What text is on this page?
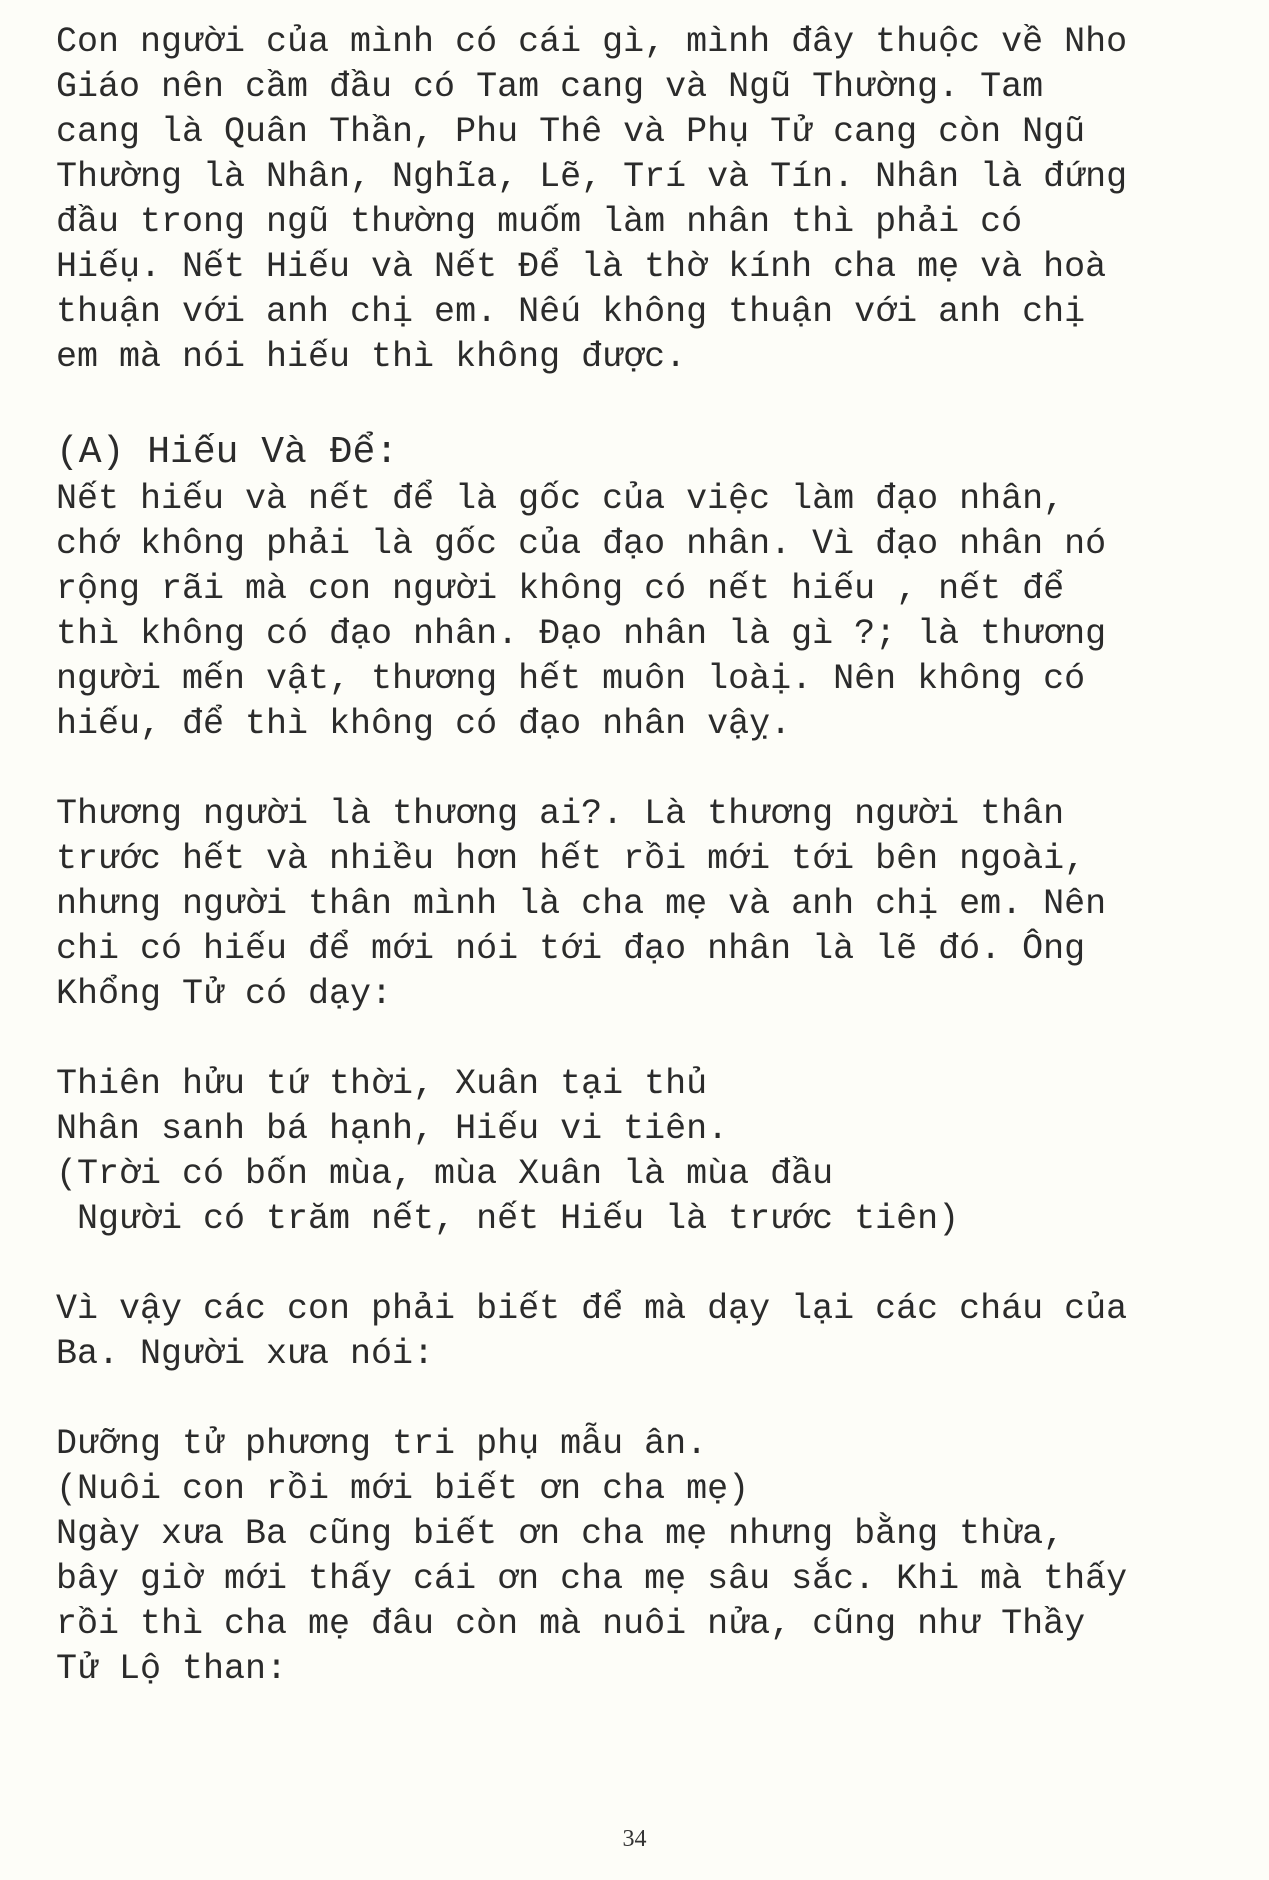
Con người của mình có cái gì, mình đây thuộc về Nho
Giáo nên cầm đầu có Tam cang và Ngũ Thường. Tam
cang là Quân Thần, Phu Thê và Phụ Tử cang còn Ngũ
Thường là Nhân, Nghĩa, Lẽ, Trí và Tín. Nhân là đứng
đầu trong ngũ thường muốm làm nhân thì phải có
Hiếụ. Nết Hiếu và Nết Để là thờ kính cha mẹ và hoà
thuận với anh chị em. Nêú không thuận với anh chị
em mà nói hiếu thì không được.
(A) Hiếu Và Để:
Nết hiếu và nết để là gốc của việc làm đạo nhân,
chớ không phải là gốc của đạo nhân. Vì đạo nhân nó
rộng rãi mà con người không có nết hiếu , nết để
thì không có đạo nhân. Đạo nhân là gì ?; là thương
người mến vật, thương hết muôn loàị. Nên không có
hiếu, để thì không có đạo nhân vậỵ.
Thương người là thương ai?. Là thương người thân
trước hết và nhiều hơn hết rồi mới tới bên ngoài,
nhưng người thân mình là cha mẹ và anh chị em. Nên
chi có hiếu để mới nói tới đạo nhân là lẽ đó. Ông
Khổng Tử có dạy:
Thiên hửu tứ thời, Xuân tại thủ
Nhân sanh bá hạnh, Hiếu vi tiên.
(Trời có bốn mùa, mùa Xuân là mùa đầu
Người có trăm nết, nết Hiếu là trước tiên)
Vì vậy các con phải biết để mà dạy lại các cháu của
Ba. Người xưa nói:
Dưỡng tử phương tri phụ mẫu ân.
(Nuôi con rồi mới biết ơn cha mẹ)
Ngày xưa Ba cũng biết ơn cha mẹ nhưng bằng thừa,
bây giờ mới thấy cái ơn cha mẹ sâu sắc. Khi mà thấy
rồi thì cha mẹ đâu còn mà nuôi nửa, cũng như Thầy
Tử Lộ than:
34
